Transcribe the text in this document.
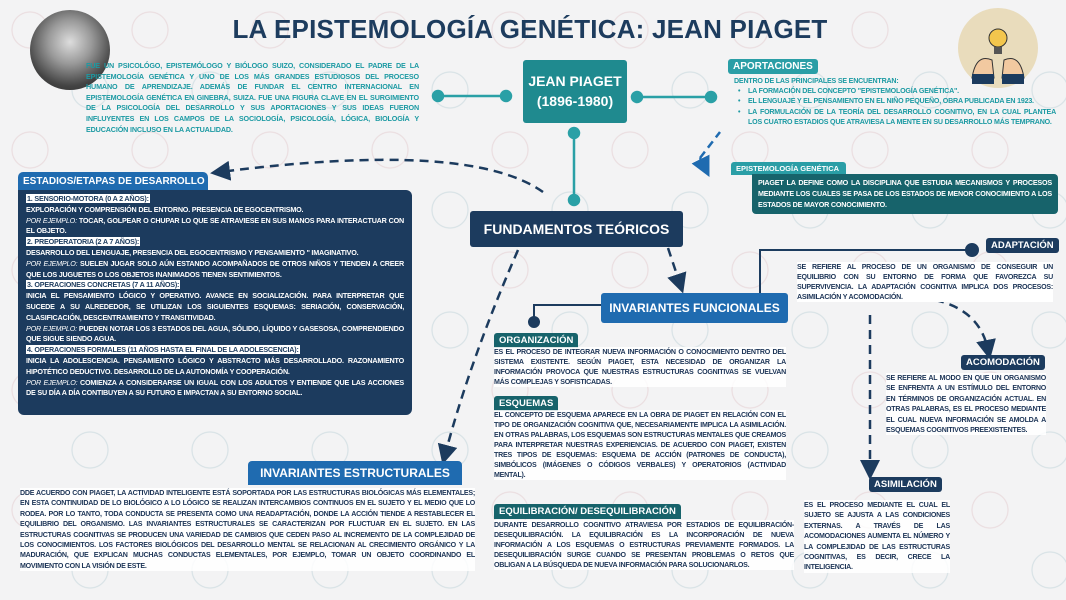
LA EPISTEMOLOGÍA GENÉTICA: JEAN PIAGET
FUE UN PSICOLÓGO, EPISTEMÓLOGO Y BIÓLOGO SUIZO, CONSIDERADO EL PADRE DE LA EPISTEMOLOGÍA GENÉTICA Y UNO DE LOS MÁS GRANDES ESTUDIOSOS DEL PROCESO HUMANO DE APRENDIZAJE. ADEMÁS DE FUNDAR EL CENTRO INTERNACIONAL EN EPISTEMOLOGÍA GENÉTICA EN GINEBRA, SUIZA. FUE UNA FIGURA CLAVE EN EL SURGIMIENTO DE LA PSICOLOGÍA DEL DESARROLLO Y SUS APORTACIONES Y SUS IDEAS FUERON INFLUYENTES EN LOS CAMPOS DE LA SOCIOLOGÍA, PSICOLOGÍA, LÓGICA, BIOLOGÍA Y EDUCACIÓN INCLUSO EN LA ACTUALIDAD.
JEAN PIAGET
(1896-1980)
APORTACIONES
DENTRO DE LAS PRINCIPALES SE ENCUENTRAN:
• LA FORMACIÓN DEL CONCEPTO "EPISTEMOLOGÍA GENÉTICA".
• EL LENGUAJE Y EL PENSAMIENTO EN EL NIÑO PEQUEÑO, OBRA PUBLICADA EN 1923.
• LA FORMULACIÓN DE LA TEORÍA DEL DESARROLLO COGNITIVO, EN LA CUAL PLANTEA LOS CUATRO ESTADIOS QUE ATRAVIESA LA MENTE EN SU DESARROLLO MÁS TEMPRANO.
EPISTEMOLOGÍA GENÉTICA
PIAGET LA DEFINE COMO LA DISCIPLINA QUE ESTUDIA MECANISMOS Y PROCESOS MEDIANTE LOS CUALES SE PASA DE LOS ESTADOS DE MENOR CONOCIMIENTO A LOS ESTADOS DE MAYOR CONOCIMIENTO.
FUNDAMENTOS TEÓRICOS
ESTADIOS/ETAPAS DE DESARROLLO
1. SENSORIO-MOTORA (0 A 2 AÑOS):
EXPLORACIÓN Y COMPRENSIÓN DEL ENTORNO. PRESENCIA DE EGOCENTRISMO.
POR EJEMPLO: TOCAR, GOLPEAR O CHUPAR LO QUE SE ATRAVIESE EN SUS MANOS PARA INTERACTUAR CON EL OBJETO.
2. PREOPERATORIA (2 A 7 AÑOS):
DESARROLLO DEL LENGUAJE, PRESENCIA DEL EGOCENTRISMO Y PENSAMIENTO '' IMAGINATIVO.
POR EJEMPLO: SUELEN JUGAR SOLO AÚN ESTANDO ACOMPAÑADOS DE OTROS NIÑOS Y TIENDEN A CREER QUE LOS JUGUETES O LOS OBJETOS INANIMADOS TIENEN SENTIMIENTOS.
3. OPERACIONES CONCRETAS (7 A 11 AÑOS):
INICIA EL PENSAMIENTO LÓGICO Y OPERATIVO. AVANCE EN SOCIALIZACIÓN. PARA INTERPRETAR QUE SUCEDE A SU ALREDEDOR, SE UTILIZAN LOS SIGUIENTES ESQUEMAS: SERIACIÓN, CONSERVACIÓN, CLASIFICACIÓN, DESCENTRAMIENTO Y TRANSITIVIDAD.
POR EJEMPLO: PUEDEN NOTAR LOS 3 ESTADOS DEL AGUA, SÓLIDO, LÍQUIDO Y GASESOSA, COMPRENDIENDO QUE SIGUE SIENDO AGUA.
4. OPERACIONES FORMALES (11 AÑOS HASTA EL FINAL DE LA ADOLESCENCIA):
INICIA LA ADOLESCENCIA. PENSAMIENTO LÓGICO Y ABSTRACTO MÁS DESARROLLADO. RAZONAMIENTO HIPOTÉTICO DEDUCTIVO. DESARROLLO DE LA AUTONOMÍA Y COOPERACIÓN.
POR EJEMPLO: COMIENZA A CONSIDERARSE UN IGUAL CON LOS ADULTOS Y ENTIENDE QUE LAS ACCIONES DE SU DÍA A DÍA CONTIBUYEN A SU FUTURO E IMPACTAN A SU ENTORNO SOCIAL.
INVARIANTES FUNCIONALES
ADAPTACIÓN
SE REFIERE AL PROCESO DE UN ORGANISMO DE CONSEGUIR UN EQUILIBRIO CON SU ENTORNO DE FORMA QUE FAVOREZCA SU SUPERVIVENCIA. LA ADAPTACIÓN COGNITIVA IMPLICA DOS PROCESOS: ASIMILACIÓN Y ACOMODACIÓN.
ORGANIZACIÓN
ES EL PROCESO DE INTEGRAR NUEVA INFORMACIÓN O CONOCIMIENTO DENTRO DEL SISTEMA EXISTENTE. SEGÚN PIAGET, ESTA NECESIDAD DE ORGANIZAR LA INFORMACIÓN PROVOCA QUE NUESTRAS ESTRUCTURAS COGNITIVAS SE VUELVAN MÁS COMPLEJAS Y SOFISTICADAS.
ESQUEMAS
EL CONCEPTO DE ESQUEMA APARECE EN LA OBRA DE PIAGET EN RELACIÓN CON EL TIPO DE ORGANIZACIÓN COGNITIVA QUE, NECESARIAMENTE IMPLICA LA ASIMILACIÓN. EN OTRAS PALABRAS, LOS ESQUEMAS SON ESTRUCTURAS MENTALES QUE CREAMOS PARA INTERPRETAR NUESTRAS EXPERIENCIAS. DE ACUERDO CON PIAGET, EXISTEN TRES TIPOS DE ESQUEMAS: ESQUEMA DE ACCIÓN (PATRONES DE CONDUCTA), SIMBÓLICOS (IMÁGENES O CÓDIGOS VERBALES) Y OPERATORIOS (ACTIVIDAD MENTAL).
EQUILIBRACIÓN/ DESEQUILIBRACIÓN
DURANTE DESARROLLO COGNITIVO ATRAVIESA POR ESTADIOS DE EQUILIBRACIÓN-DESEQUILIBRACIÓN. LA EQUILIBRACIÓN ES LA INCORPORACIÓN DE NUEVA INFORMACIÓN A LOS ESQUEMAS O ESTRUCTURAS PREVIAMENTE FORMADOS. LA DESEQUILIBRACIÓN SURGE CUANDO SE PRESENTAN PROBLEMAS O RETOS QUE OBLIGAN A LA BÚSQUEDA DE NUEVA INFORMACIÓN PARA SOLUCIONARLOS.
ACOMODACIÓN
SE REFIERE AL MODO EN QUE UN ORGANISMO SE ENFRENTA A UN ESTÍMULO DEL ENTORNO EN TÉRMINOS DE ORGANIZACIÓN ACTUAL. EN OTRAS PALABRAS, ES EL PROCESO MEDIANTE EL CUAL NUEVA INFORMACIÓN SE AMOLDA A ESQUEMAS COGNITIVOS PREEXISTENTES.
ASIMILACIÓN
ES EL PROCESO MEDIANTE EL CUAL EL SUJETO SE AJUSTA A LAS CONDICIONES EXTERNAS. A TRAVÉS DE LAS ACOMODACIONES AUMENTA EL NÚMERO Y LA COMPLEJIDAD DE LAS ESTRUCTURAS COGNITIVAS, ES DECIR, CRECE LA INTELIGENCIA.
INVARIANTES ESTRUCTURALES
DDE ACUERDO CON PIAGET, LA ACTIVIDAD INTELIGENTE ESTÁ SOPORTADA POR LAS ESTRUCTURAS BIOLÓGICAS MÁS ELEMENTALES; EN ESTA CONTINUIDAD DE LO BIOLÓGICO A LO LÓGICO SE REALIZAN INTERCAMBIOS CONTINUOS EN EL SUJETO Y EL MEDIO QUE LO RODEA. POR LO TANTO, TODA CONDUCTA SE PRESENTA COMO UNA READAPTACIÓN, DONDE LA ACCIÓN TIENDE A RESTABLECER EL EQUILIBRIO DEL ORGANISMO. LAS INVARIANTES ESTRUCTURALES SE CARACTERIZAN POR FLUCTUAR EN EL SUJETO. EN LAS ESTRUCTURAS COGNITIVAS SE PRODUCEN UNA VARIEDAD DE CAMBIOS QUE CEDEN PASO AL INCREMENTO DE LA COMPLEJIDAD DE LOS CONOCIMIENTOS. LOS FACTORES BIOLÓGICOS DEL DESARROLLO MENTAL SE RELACIONAN AL CRECIMIENTO ORGÁNICO Y LA MADURACIÓN, QUE EXPLICAN MUCHAS CONDUCTAS ELEMENTALES, POR EJEMPLO, TOMAR UN OBJETO COORDINANDO EL MOVIMIENTO CON LA VISIÓN DE ESTE.
